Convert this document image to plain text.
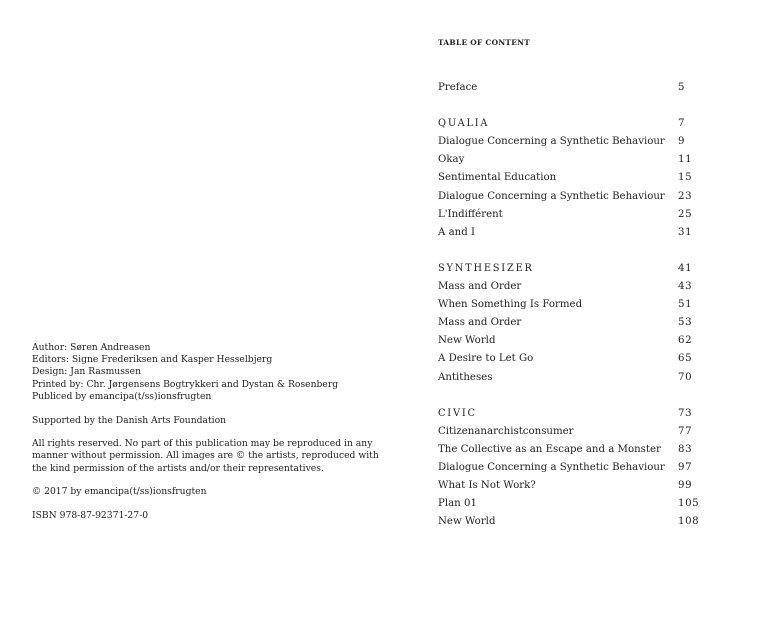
Author: Søren Andreasen
Editors: Signe Frederiksen and Kasper Hesselbjerg
Design: Jan Rasmussen
Printed by: Chr. Jørgensens Bogtrykkeri and Dystan & Rosenberg
Publiced by emancipa(t/ss)ionsfrugten
Supported by the Danish Arts Foundation
All rights reserved. No part of this publication may be reproduced in any
manner without permission. All images are © the artists, reproduced with
the kind permission of the artists and/or their representatives.
© 2017 by emancipa(t/ss)ionsfrugten
ISBN 978-87-92371-27-0
TABLE OF CONTENT
Preface	5
QUALIA	7
Dialogue Concerning a Synthetic Behaviour 9
Okay	11
Sentimental Education	15
Dialogue Concerning a Synthetic Behaviour 23
L'Indifférent	25
A and I	31
SYNTHESIZER	41
Mass and Order	43
When Something Is Formed	51
Mass and Order	53
New World	62
A Desire to Let Go	65
Antitheses	70
CIVIC	73
Citizenanarchistconsumer	77
The Collective as an Escape and a Monster 83
Dialogue Concerning a Synthetic Behaviour 97
What Is Not Work?	99
Plan 01	105
New World	108
